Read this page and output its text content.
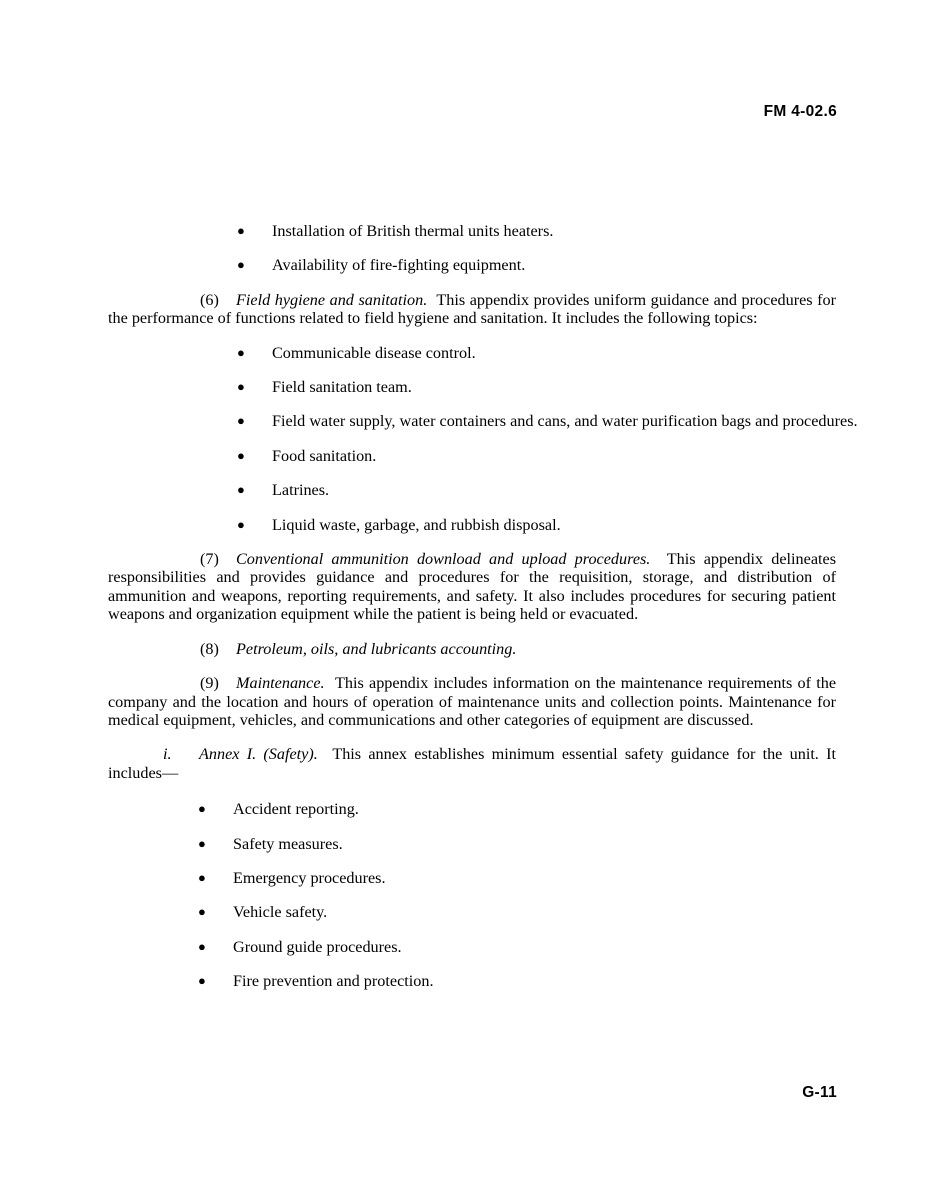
FM 4-02.6
● Installation of British thermal units heaters.
● Availability of fire-fighting equipment.

(6) Field hygiene and sanitation. This appendix provides uniform guidance and procedures for the performance of functions related to field hygiene and sanitation. It includes the following topics:

● Communicable disease control.
● Field sanitation team.
● Field water supply, water containers and cans, and water purification bags and procedures.
● Food sanitation.
● Latrines.
● Liquid waste, garbage, and rubbish disposal.

(7) Conventional ammunition download and upload procedures. This appendix delineates responsibilities and provides guidance and procedures for the requisition, storage, and distribution of ammunition and weapons, reporting requirements, and safety. It also includes procedures for securing patient weapons and organization equipment while the patient is being held or evacuated.

(8) Petroleum, oils, and lubricants accounting.

(9) Maintenance. This appendix includes information on the maintenance requirements of the company and the location and hours of operation of maintenance units and collection points. Maintenance for medical equipment, vehicles, and communications and other categories of equipment are discussed.

i. Annex I. (Safety). This annex establishes minimum essential safety guidance for the unit. It includes—

● Accident reporting.
● Safety measures.
● Emergency procedures.
● Vehicle safety.
● Ground guide procedures.
● Fire prevention and protection.
G-11
